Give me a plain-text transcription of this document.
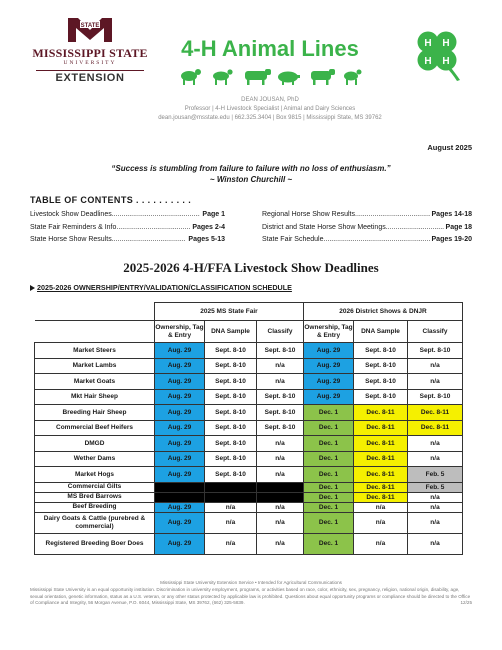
STATE
MISSISSIPPI STATE
UNIVERSITY
EXTENSION
4-H Animal Lines	H H
H H
DEAN JOUSAN, PhD
Professor | 4-H Livestock Specialist | Animal and Dairy Sciences
dean.jousan@msstate.edu | 662.325.3404 | Box 9815 | Mississippi State, MS 39762
August 2025
“Success is stumbling from failure to failure with no loss of enthusiasm.”
~ Winston Churchill ~
TABLE OF CONTENTS . . . . . . . . . .
Livestock Show Deadlines .....	Page 1
State Fair Reminders & Info .....	Pages 2-4
State Horse Show Results .....	Pages 5-13
Regional Horse Show Results .....	Pages 14-18
District and State Horse Show Meetings .....	Page 18
State Fair Schedule .....	Pages 19-20
2025-2026 4-H/FFA Livestock Show Deadlines
2025-2026 OWNERSHIP/ENTRY/VALIDATION/CLASSIFICATION SCHEDULE
	2025 MS State Fair			2026 District Shows & DNJR		
	Ownership, Tag & Entry	DNA Sample	Classify	Ownership, Tag & Entry	DNA Sample	Classify
Market Steers	Aug. 29	Sept. 8-10	Sept. 8-10	Aug. 29	Sept. 8-10	Sept. 8-10
Market Lambs	Aug. 29	Sept. 8-10	n/a	Aug. 29	Sept. 8-10	n/a
Market Goats	Aug. 29	Sept. 8-10	n/a	Aug. 29	Sept. 8-10	n/a
Mkt Hair Sheep	Aug. 29	Sept. 8-10	Sept. 8-10	Aug. 29	Sept. 8-10	Sept. 8-10
Breeding Hair Sheep	Aug. 29	Sept. 8-10	Sept. 8-10	Dec. 1	Dec. 8-11	Dec. 8-11
Commercial Beef Heifers	Aug. 29	Sept. 8-10	Sept. 8-10	Dec. 1	Dec. 8-11	Dec. 8-11
DMGD	Aug. 29	Sept. 8-10	n/a	Dec. 1	Dec. 8-11	n/a
Wether Dams	Aug. 29	Sept. 8-10	n/a	Dec. 1	Dec. 8-11	n/a
Market Hogs	Aug. 29	Sept. 8-10	n/a	Dec. 1	Dec. 8-11	Feb. 5
Commercial Gilts				Dec. 1	Dec. 8-11	Feb. 5
MS Bred Barrows				Dec. 1	Dec. 8-11	n/a
Beef Breeding	Aug. 29	n/a	n/a	Dec. 1	n/a	n/a
Dairy Goats & Cattle (purebred & commercial)	Aug. 29	n/a	n/a	Dec. 1	n/a	n/a
Registered Breeding Boer Does	Aug. 29	n/a	n/a	Dec. 1	n/a	n/a
Mississippi State University Extension Service • Intended for Agricultural Communications
Mississippi State University is an equal opportunity institution. Discrimination in university employment, programs, or activities based on race, color, ethnicity, sex, pregnancy, religion, national origin, disability, age, sexual orientation, genetic information, status as a U.S. veteran, or any other status protected by applicable law is prohibited. Questions about equal opportunity programs or compliance should be directed to the Office of Compliance and Integrity, 56 Morgan Avenue, P.O. 6044, Mississippi State, MS 39762, (662) 325-5839.	12/25
